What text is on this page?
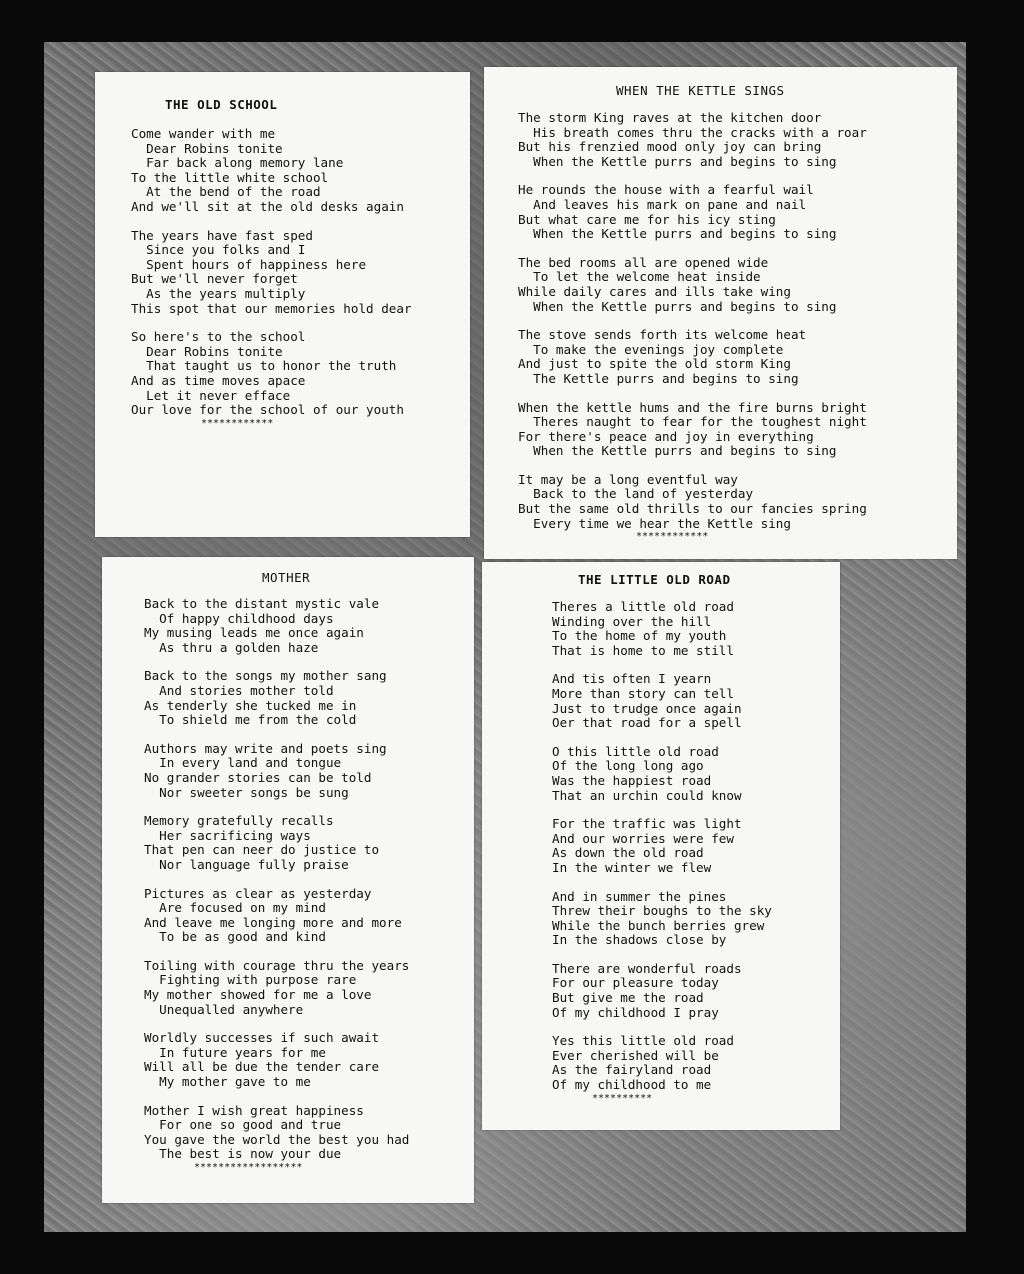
THE OLD SCHOOL
Come wander with me
Dear Robins tonite
Far back along memory lane
To the little white school
At the bend of the road
And we'll sit at the old desks again
The years have fast sped
Since you folks and I
Spent hours of happiness here
But we'll never forget
As the years multiply
This spot that our memories hold dear
So here's to the school
Dear Robins tonite
That taught us to honor the truth
And as time moves apace
Let it never efface
Our love for the school of our youth
************
WHEN THE KETTLE SINGS
The storm King raves at the kitchen door
His breath comes thru the cracks with a roar
But his frenzied mood only joy can bring
When the Kettle purrs and begins to sing
He rounds the house with a fearful wail
And leaves his mark on pane and nail
But what care me for his icy sting
When the Kettle purrs and begins to sing
The bed rooms all are opened wide
To let the welcome heat inside
While daily cares and ills take wing
When the Kettle purrs and begins to sing
The stove sends forth its welcome heat
To make the evenings joy complete
And just to spite the old storm King
The Kettle purrs and begins to sing
When the kettle hums and the fire burns bright
Theres naught to fear for the toughest night
For there's peace and joy in everything
When the Kettle purrs and begins to sing
It may be a long eventful way
Back to the land of yesterday
But the same old thrills to our fancies spring
Every time we hear the Kettle sing
************
MOTHER
Back to the distant mystic vale
Of happy childhood days
My musing leads me once again
As thru a golden haze
Back to the songs my mother sang
And stories mother told
As tenderly she tucked me in
To shield me from the cold
Authors may write and poets sing
In every land and tongue
No grander stories can be told
Nor sweeter songs be sung
Memory gratefully recalls
Her sacrificing ways
That pen can neer do justice to
Nor language fully praise
Pictures as clear as yesterday
Are focused on my mind
And leave me longing more and more
To be as good and kind
Toiling with courage thru the years
Fighting with purpose rare
My mother showed for me a love
Unequalled anywhere
Worldly successes if such await
In future years for me
Will all be due the tender care
My mother gave to me
Mother I wish great happiness
For one so good and true
You gave the world the best you had
The best is now your due
******************
THE LITTLE OLD ROAD
Theres a little old road
Winding over the hill
To the home of my youth
That is home to me still
And tis often I yearn
More than story can tell
Just to trudge once again
Oer that road for a spell
O this little old road
Of the long long ago
Was the happiest road
That an urchin could know
For the traffic was light
And our worries were few
As down the old road
In the winter we flew
And in summer the pines
Threw their boughs to the sky
While the bunch berries grew
In the shadows close by
There are wonderful roads
For our pleasure today
But give me the road
Of my childhood I pray
Yes this little old road
Ever cherished will be
As the fairyland road
Of my childhood to me
**********
